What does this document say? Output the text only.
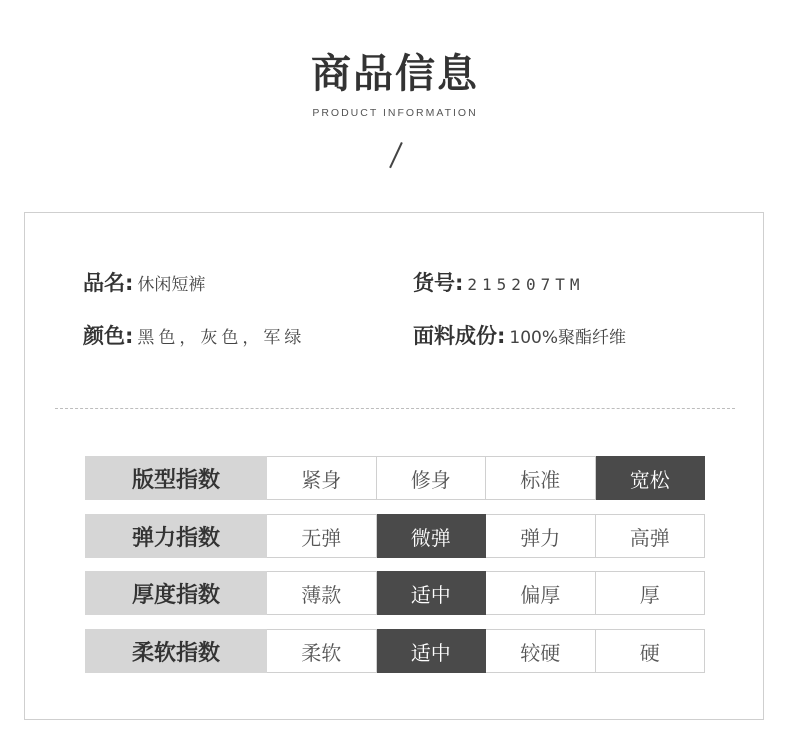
商品信息
PRODUCT INFORMATION
品名: 休闲短裤	货号: 215207TM
颜色: 黑色，灰色，军绿	面料成份: 100%聚酯纤维
版型指数	紧身	修身	标准	宽松
弹力指数	无弹	微弹	弹力	高弹
厚度指数	薄款	适中	偏厚	厚
柔软指数	柔软	适中	较硬	硬
